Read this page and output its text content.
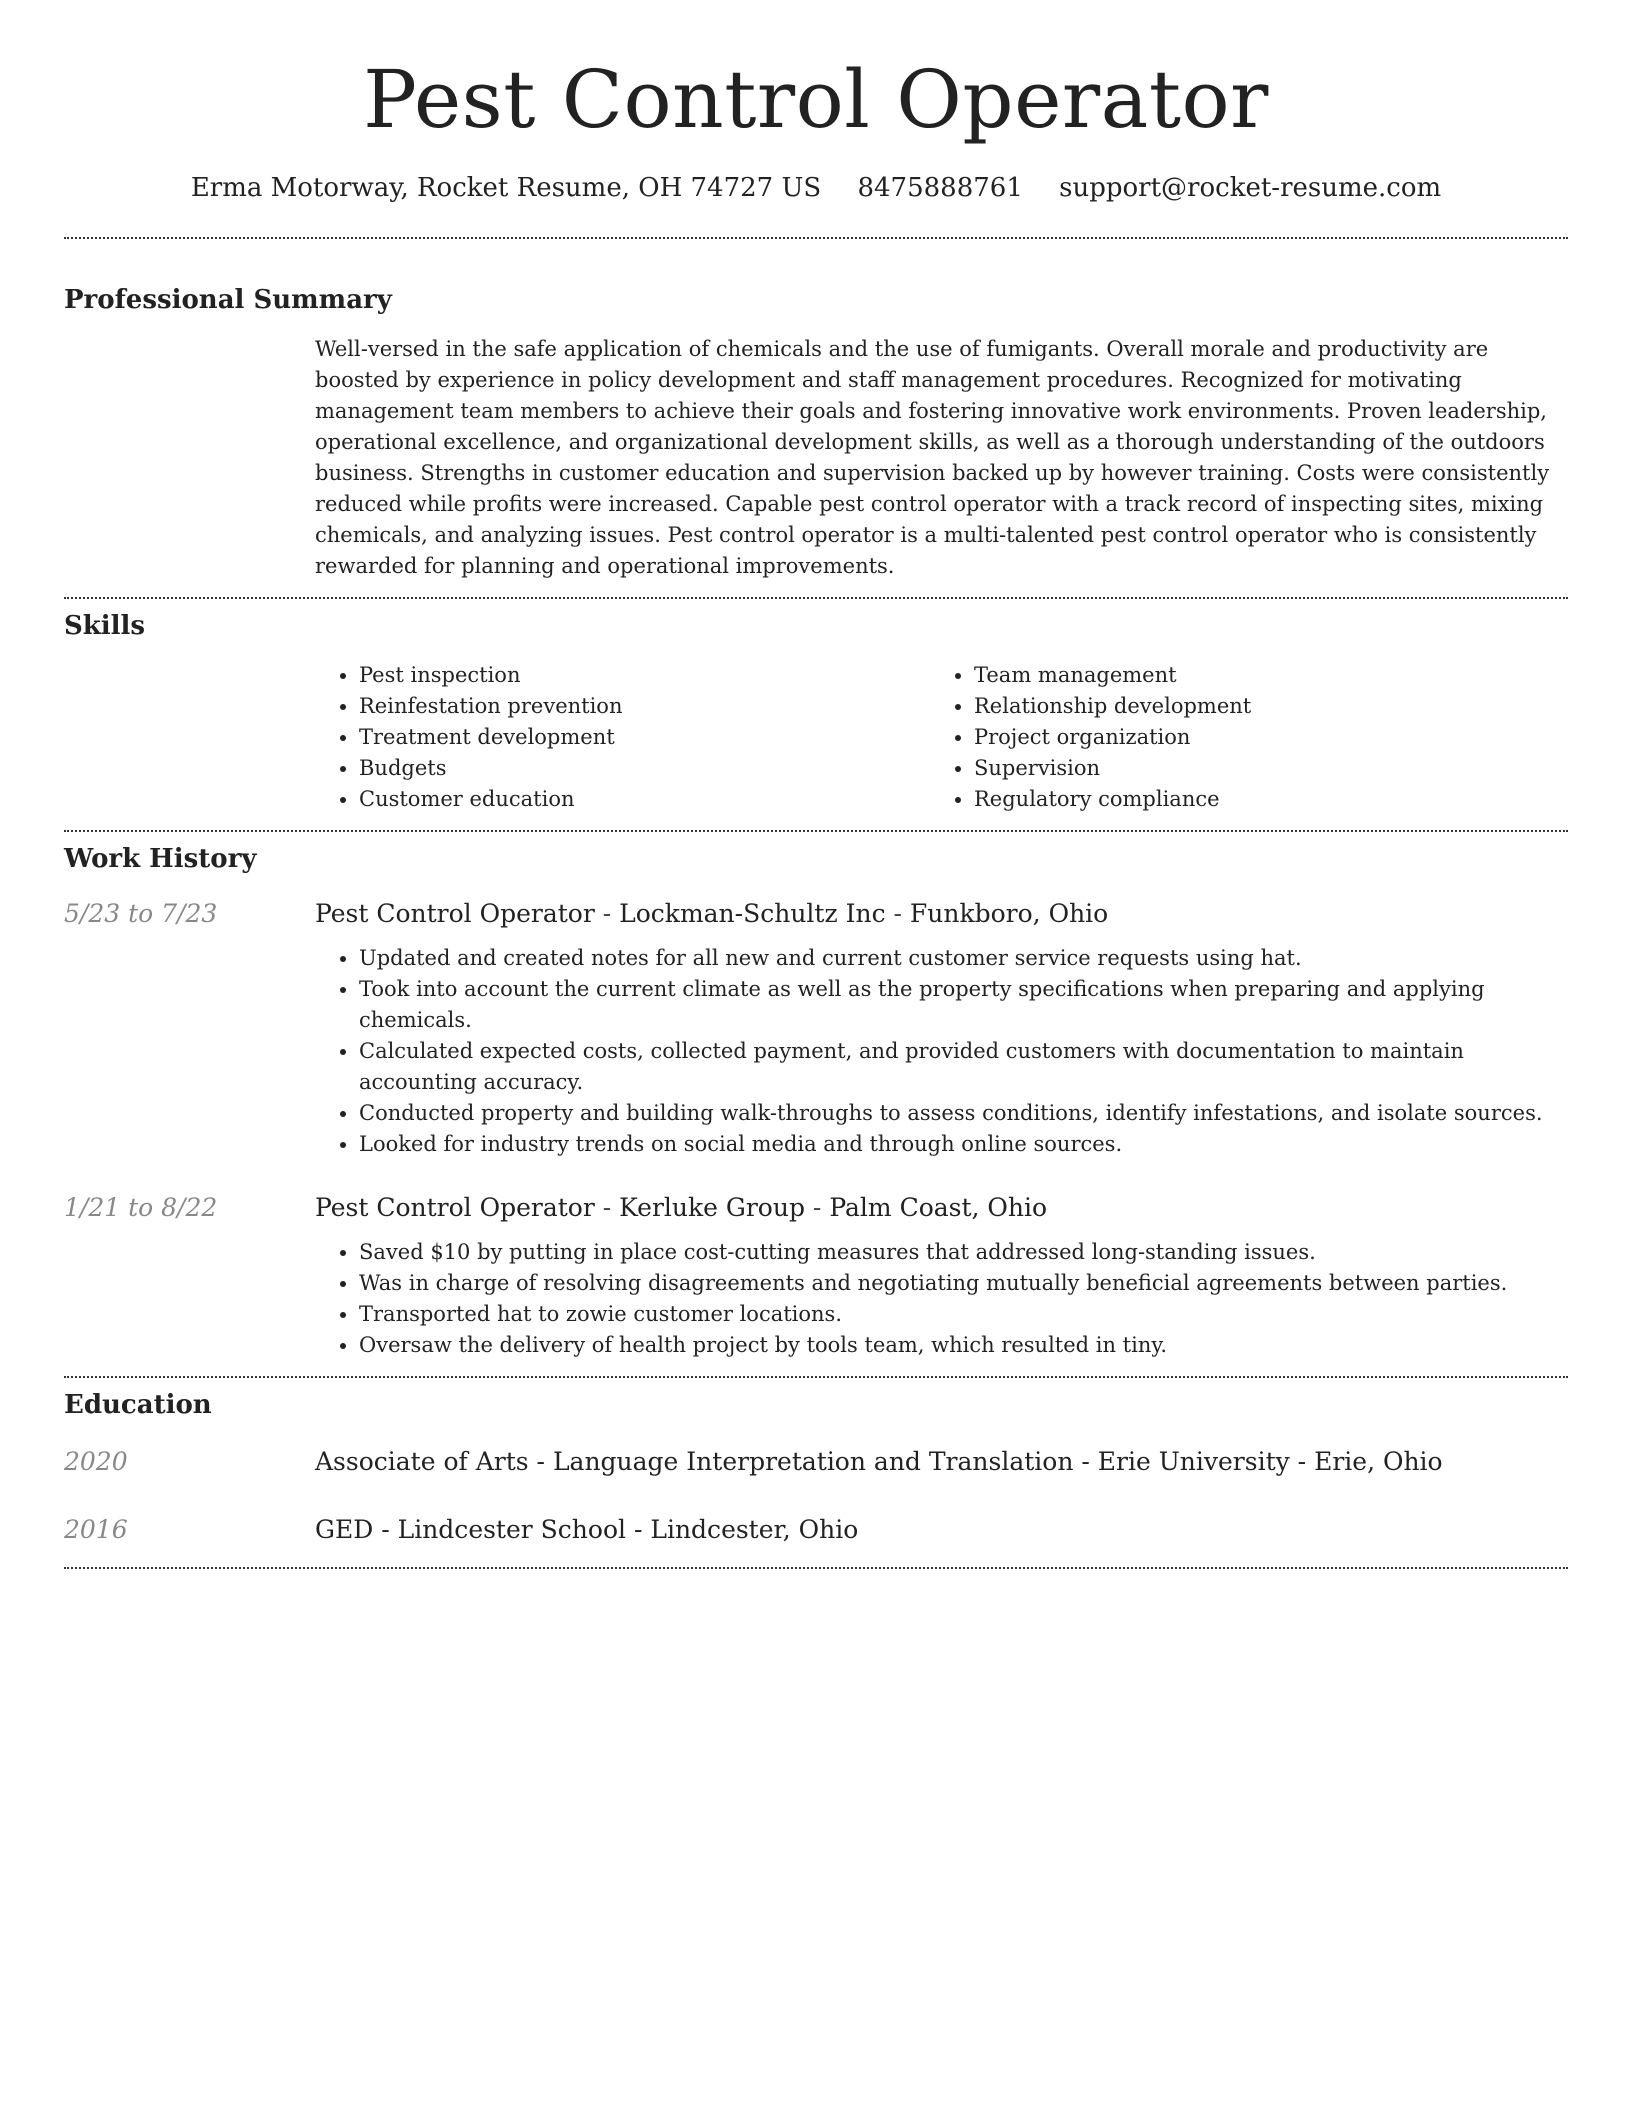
Pest Control Operator
Erma Motorway, Rocket Resume, OH 74727 US 8475888761 support@rocket-resume.com
Professional Summary

Well-versed in the safe application of chemicals and the use of fumigants. Overall morale and productivity are boosted by experience in policy development and staff management procedures. Recognized for motivating management team members to achieve their goals and fostering innovative work environments. Proven leadership, operational excellence, and organizational development skills, as well as a thorough understanding of the outdoors business. Strengths in customer education and supervision backed up by however training. Costs were consistently reduced while profits were increased. Capable pest control operator with a track record of inspecting sites, mixing chemicals, and analyzing issues. Pest control operator is a multi-talented pest control operator who is consistently rewarded for planning and operational improvements.

Skills
• Pest inspection
• Reinfestation prevention
• Treatment development
• Budgets
• Customer education
• Team management
• Relationship development
• Project organization
• Supervision
• Regulatory compliance
Work History
5/23 to 7/23	Pest Control Operator - Lockman-Schultz Inc - Funkboro, Ohio

• Updated and created notes for all new and current customer service requests using hat.
• Took into account the current climate as well as the property specifications when preparing and applying chemicals.
• Calculated expected costs, collected payment, and provided customers with documentation to maintain accounting accuracy.
• Conducted property and building walk-throughs to assess conditions, identify infestations, and isolate sources.
• Looked for industry trends on social media and through online sources.
1/21 to 8/22	Pest Control Operator - Kerluke Group - Palm Coast, Ohio

• Saved $10 by putting in place cost-cutting measures that addressed long-standing issues.
• Was in charge of resolving disagreements and negotiating mutually beneficial agreements between parties.
• Transported hat to zowie customer locations.
• Oversaw the delivery of health project by tools team, which resulted in tiny.
Education
2020	Associate of Arts - Language Interpretation and Translation - Erie University - Erie, Ohio

2016	GED - Lindcester School - Lindcester, Ohio
